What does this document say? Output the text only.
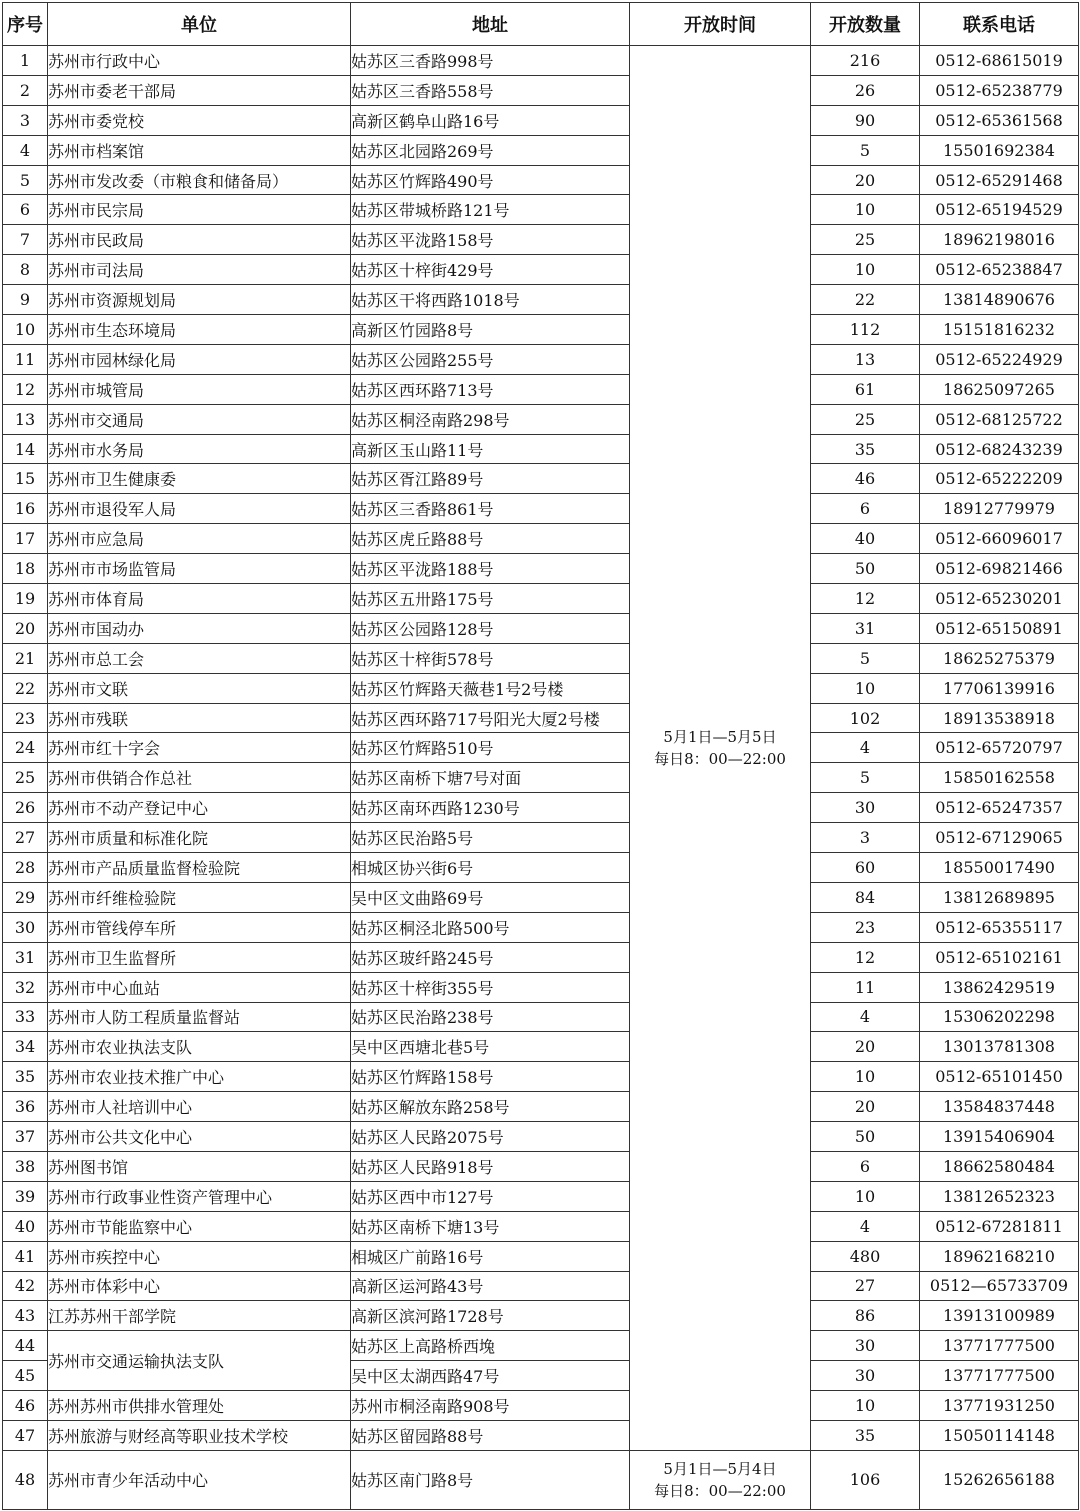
序号	单位	地址	开放时间	开放数量	联系电话
1	苏州市行政中心	姑苏区三香路998号	5月1日—5月5日
每日8：00—22:00	216	0512-68615019
2	苏州市委老干部局	姑苏区三香路558号		26	0512-65238779
3	苏州市委党校	高新区鹤阜山路16号		90	0512-65361568
4	苏州市档案馆	姑苏区北园路269号		5	15501692384
5	苏州市发改委（市粮食和储备局）	姑苏区竹辉路490号		20	0512-65291468
6	苏州市民宗局	姑苏区带城桥路121号		10	0512-65194529
7	苏州市民政局	姑苏区平泷路158号		25	18962198016
8	苏州市司法局	姑苏区十梓街429号		10	0512-65238847
9	苏州市资源规划局	姑苏区干将西路1018号		22	13814890676
10	苏州市生态环境局	高新区竹园路8号		112	15151816232
11	苏州市园林绿化局	姑苏区公园路255号		13	0512-65224929
12	苏州市城管局	姑苏区西环路713号		61	18625097265
13	苏州市交通局	姑苏区桐泾南路298号		25	0512-68125722
14	苏州市水务局	高新区玉山路11号		35	0512-68243239
15	苏州市卫生健康委	姑苏区胥江路89号		46	0512-65222209
16	苏州市退役军人局	姑苏区三香路861号		6	18912779979
17	苏州市应急局	姑苏区虎丘路88号		40	0512-66096017
18	苏州市市场监管局	姑苏区平泷路188号		50	0512-69821466
19	苏州市体育局	姑苏区五卅路175号		12	0512-65230201
20	苏州市国动办	姑苏区公园路128号		31	0512-65150891
21	苏州市总工会	姑苏区十梓街578号		5	18625275379
22	苏州市文联	姑苏区竹辉路天薇巷1号2号楼		10	17706139916
23	苏州市残联	姑苏区西环路717号阳光大厦2号楼		102	18913538918
24	苏州市红十字会	姑苏区竹辉路510号		4	0512-65720797
25	苏州市供销合作总社	姑苏区南桥下塘7号对面		5	15850162558
26	苏州市不动产登记中心	姑苏区南环西路1230号		30	0512-65247357
27	苏州市质量和标准化院	姑苏区民治路5号		3	0512-67129065
28	苏州市产品质量监督检验院	相城区协兴街6号		60	18550017490
29	苏州市纤维检验院	吴中区文曲路69号		84	13812689895
30	苏州市管线停车所	姑苏区桐泾北路500号		23	0512-65355117
31	苏州市卫生监督所	姑苏区玻纤路245号		12	0512-65102161
32	苏州市中心血站	姑苏区十梓街355号		11	13862429519
33	苏州市人防工程质量监督站	姑苏区民治路238号		4	15306202298
34	苏州市农业执法支队	吴中区西塘北巷5号		20	13013781308
35	苏州市农业技术推广中心	姑苏区竹辉路158号		10	0512-65101450
36	苏州市人社培训中心	姑苏区解放东路258号		20	13584837448
37	苏州市公共文化中心	姑苏区人民路2075号		50	13915406904
38	苏州图书馆	姑苏区人民路918号		6	18662580484
39	苏州市行政事业性资产管理中心	姑苏区西中市127号		10	13812652323
40	苏州市节能监察中心	姑苏区南桥下塘13号		4	0512-67281811
41	苏州市疾控中心	相城区广前路16号		480	18962168210
42	苏州市体彩中心	高新区运河路43号		27	0512—65733709
43	江苏苏州干部学院	高新区滨河路1728号		86	13913100989
44	苏州市交通运输执法支队	姑苏区上高路桥西堍		30	13771777500
45		吴中区太湖西路47号		30	13771777500
46	苏州苏州市供排水管理处	苏州市桐泾南路908号		10	13771931250
47	苏州旅游与财经高等职业技术学校	姑苏区留园路88号		35	15050114148
48	苏州市青少年活动中心	姑苏区南门路8号	5月1日—5月4日
每日8：00—22:00	106	15262656188
